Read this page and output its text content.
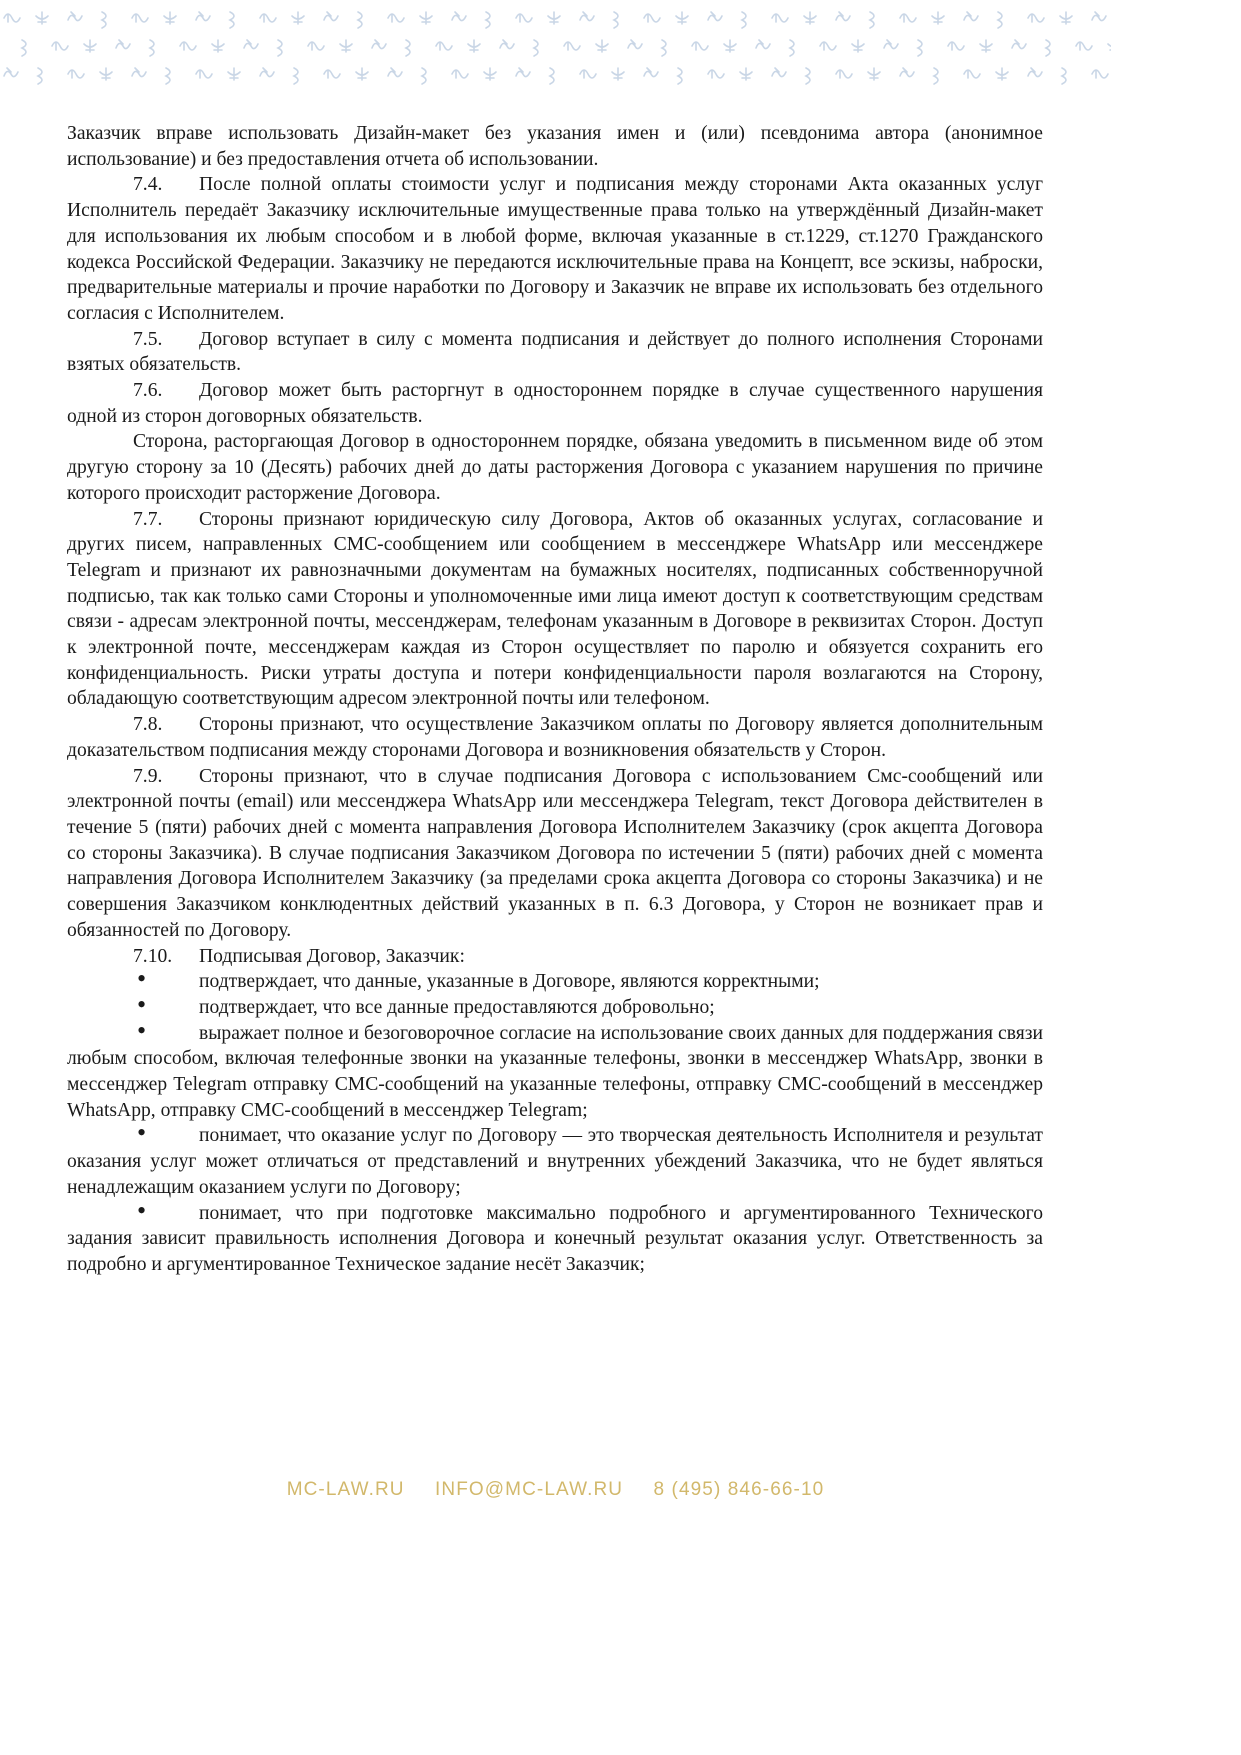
Заказчик вправе использовать Дизайн-макет без указания имен и (или) псевдонима автора (анонимное использование) и без предоставления отчета об использовании.

7.4. После полной оплаты стоимости услуг и подписания между сторонами Акта оказанных услуг Исполнитель передаёт Заказчику исключительные имущественные права только на утверждённый Дизайн-макет для использования их любым способом и в любой форме, включая указанные в ст.1229, ст.1270 Гражданского кодекса Российской Федерации. Заказчику не передаются исключительные права на Концепт, все эскизы, наброски, предварительные материалы и прочие наработки по Договору и Заказчик не вправе их использовать без отдельного согласия с Исполнителем.

7.5. Договор вступает в силу с момента подписания и действует до полного исполнения Сторонами взятых обязательств.

7.6. Договор может быть расторгнут в одностороннем порядке в случае существенного нарушения одной из сторон договорных обязательств.

Сторона, расторгающая Договор в одностороннем порядке, обязана уведомить в письменном виде об этом другую сторону за 10 (Десять) рабочих дней до даты расторжения Договора с указанием нарушения по причине которого происходит расторжение Договора.

7.7. Стороны признают юридическую силу Договора, Актов об оказанных услугах, согласование и других писем, направленных СМС-сообщением или сообщением в мессенджере WhatsApp или мессенджере Telegram и признают их равнозначными документам на бумажных носителях, подписанных собственноручной подписью, так как только сами Стороны и уполномоченные ими лица имеют доступ к соответствующим средствам связи - адресам электронной почты, мессенджерам, телефонам указанным в Договоре в реквизитах Сторон. Доступ к электронной почте, мессенджерам каждая из Сторон осуществляет по паролю и обязуется сохранить его конфиденциальность. Риски утраты доступа и потери конфиденциальности пароля возлагаются на Сторону, обладающую соответствующим адресом электронной почты или телефоном.

7.8. Стороны признают, что осуществление Заказчиком оплаты по Договору является дополнительным доказательством подписания между сторонами Договора и возникновения обязательств у Сторон.

7.9. Стороны признают, что в случае подписания Договора с использованием Смс-сообщений или электронной почты (email) или мессенджера WhatsApp или мессенджера Telegram, текст Договора действителен в течение 5 (пяти) рабочих дней с момента направления Договора Исполнителем Заказчику (срок акцепта Договора со стороны Заказчика). В случае подписания Заказчиком Договора по истечении 5 (пяти) рабочих дней с момента направления Договора Исполнителем Заказчику (за пределами срока акцепта Договора со стороны Заказчика) и не совершения Заказчиком конклюдентных действий указанных в п. 6.3 Договора, у Сторон не возникает прав и обязанностей по Договору.

7.10. Подписывая Договор, Заказчик:

•подтверждает, что данные, указанные в Договоре, являются корректными;

•подтверждает, что все данные предоставляются добровольно;

•выражает полное и безоговорочное согласие на использование своих данных для поддержания связи любым способом, включая телефонные звонки на указанные телефоны, звонки в мессенджер WhatsApp, звонки в мессенджер Telegram отправку СМС-сообщений на указанные телефоны, отправку СМС-сообщений в мессенджер WhatsApp, отправку СМС-сообщений в мессенджер Telegram;

•понимает, что оказание услуг по Договору — это творческая деятельность Исполнителя и результат оказания услуг может отличаться от представлений и внутренних убеждений Заказчика, что не будет являться ненадлежащим оказанием услуги по Договору;

•понимает, что при подготовке максимально подробного и аргументированного Технического задания зависит правильность исполнения Договора и конечный результат оказания услуг. Ответственность за подробно и аргументированное Техническое задание несёт Заказчик;

MC-LAW.RU INFO@MC-LAW.RU 8 (495) 846-66-10
